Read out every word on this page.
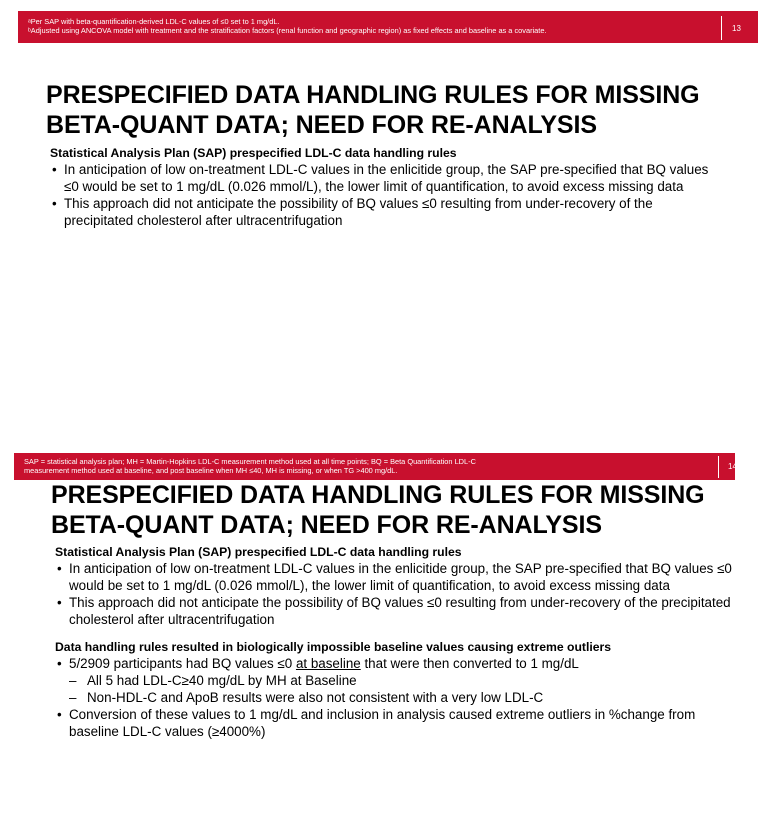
ᵃPer SAP with beta-quantification-derived LDL-C values of ≤0 set to 1 mg/dL.
ᵇAdjusted using ANCOVA model with treatment and the stratification factors (renal function and geographic region) as fixed effects and baseline as a covariate.	13
PRESPECIFIED DATA HANDLING RULES FOR MISSING
BETA-QUANT DATA; NEED FOR RE-ANALYSIS

Statistical Analysis Plan (SAP) prespecified LDL-C data handling rules

• In anticipation of low on-treatment LDL-C values in the enlicitide group, the SAP pre-specified that BQ values ≤0 would be set to 1 mg/dL (0.026 mmol/L), the lower limit of quantification, to avoid excess missing data
• This approach did not anticipate the possibility of BQ values ≤0 resulting from under-recovery of the precipitated cholesterol after ultracentrifugation
SAP = statistical analysis plan; MH = Martin-Hopkins LDL-C measurement method used at all time points; BQ = Beta Quantification LDL-C
measurement method used at baseline, and post baseline when MH ≤40, MH is missing, or when TG >400 mg/dL.	14
PRESPECIFIED DATA HANDLING RULES FOR MISSING
BETA-QUANT DATA; NEED FOR RE-ANALYSIS

Statistical Analysis Plan (SAP) prespecified LDL-C data handling rules

• In anticipation of low on-treatment LDL-C values in the enlicitide group, the SAP pre-specified that BQ values ≤0 would be set to 1 mg/dL (0.026 mmol/L), the lower limit of quantification, to avoid excess missing data
• This approach did not anticipate the possibility of BQ values ≤0 resulting from under-recovery of the precipitated cholesterol after ultracentrifugation

Data handling rules resulted in biologically impossible baseline values causing extreme outliers

• 5/2909 participants had BQ values ≤0 at baseline that were then converted to 1 mg/dL
– All 5 had LDL-C≥40 mg/dL by MH at Baseline
– Non-HDL-C and ApoB results were also not consistent with a very low LDL-C
• Conversion of these values to 1 mg/dL and inclusion in analysis caused extreme outliers in %change from baseline LDL-C values (≥4000%)
